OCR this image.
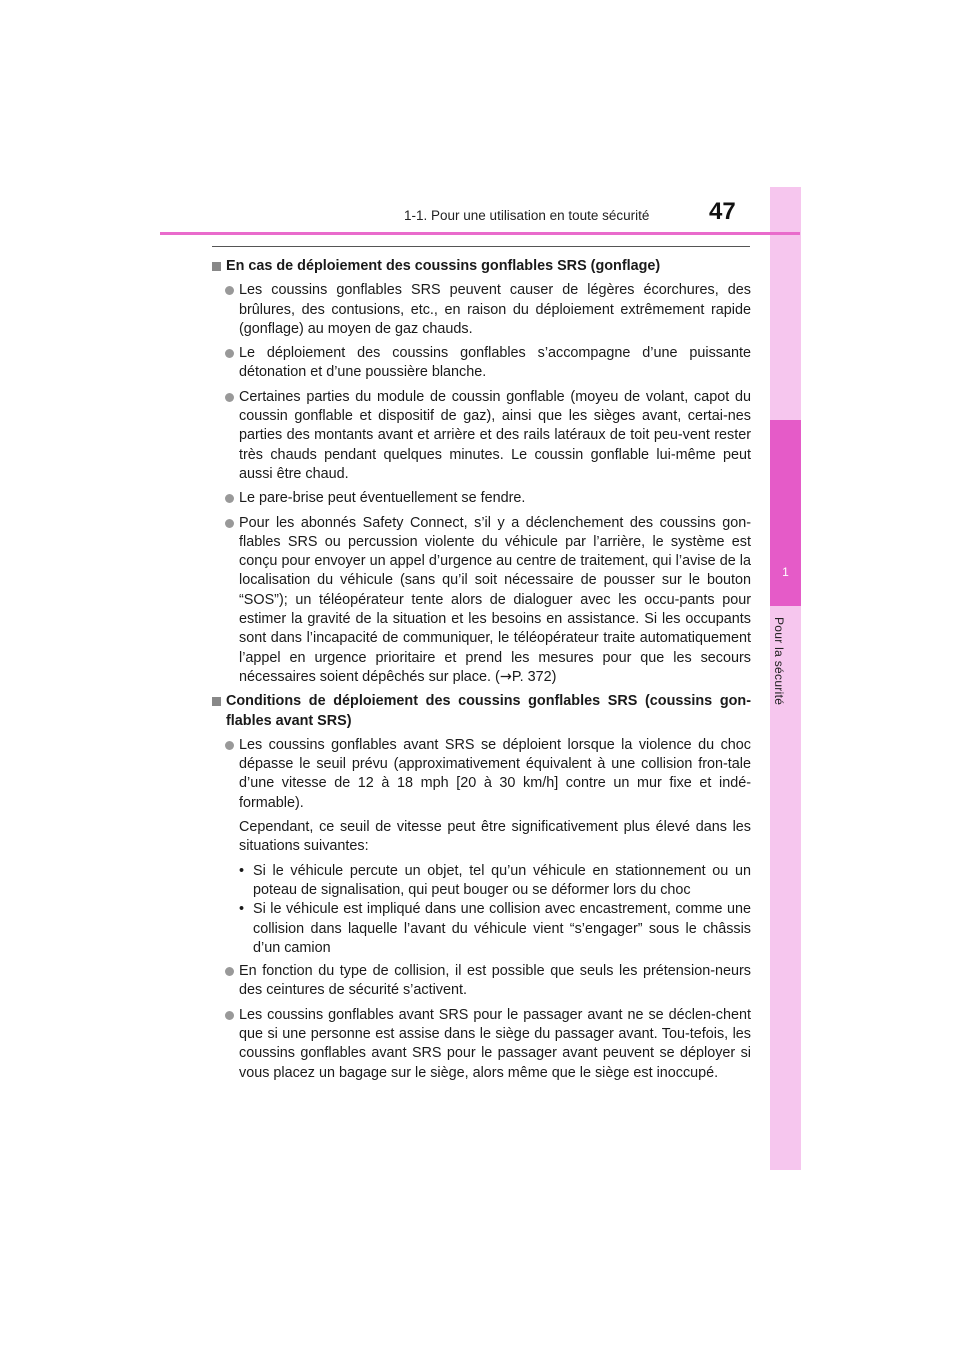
1
Pour la sécurité
1-1. Pour une utilisation en toute sécurité 47
En cas de déploiement des coussins gonflables SRS (gonflage)
Les coussins gonflables SRS peuvent causer de légères écorchures, des brûlures, des contusions, etc., en raison du déploiement extrêmement rapide (gonflage) au moyen de gaz chauds.
Le déploiement des coussins gonflables s’accompagne d’une puissante détonation et d’une poussière blanche.
Certaines parties du module de coussin gonflable (moyeu de volant, capot du coussin gonflable et dispositif de gaz), ainsi que les sièges avant, certai-nes parties des montants avant et arrière et des rails latéraux de toit peu-vent rester très chauds pendant quelques minutes. Le coussin gonflable lui-même peut aussi être chaud.
Le pare-brise peut éventuellement se fendre.
Pour les abonnés Safety Connect, s’il y a déclenchement des coussins gon-flables SRS ou percussion violente du véhicule par l’arrière, le système est conçu pour envoyer un appel d’urgence au centre de traitement, qui l’avise de la localisation du véhicule (sans qu’il soit nécessaire de pousser sur le bouton “SOS”); un téléopérateur tente alors de dialoguer avec les occu-pants pour estimer la gravité de la situation et les besoins en assistance. Si les occupants sont dans l’incapacité de communiquer, le téléopérateur traite automatiquement l’appel en urgence prioritaire et prend les mesures pour que les secours nécessaires soient dépêchés sur place. (→P. 372)
Conditions de déploiement des coussins gonflables SRS (coussins gon-flables avant SRS)
Les coussins gonflables avant SRS se déploient lorsque la violence du choc dépasse le seuil prévu (approximativement équivalent à une collision fron-tale d’une vitesse de 12 à 18 mph [20 à 30 km/h] contre un mur fixe et indé-formable).
Cependant, ce seuil de vitesse peut être significativement plus élevé dans les situations suivantes:
• Si le véhicule percute un objet, tel qu’un véhicule en stationnement ou un poteau de signalisation, qui peut bouger ou se déformer lors du choc
• Si le véhicule est impliqué dans une collision avec encastrement, comme une collision dans laquelle l’avant du véhicule vient “s’engager” sous le châssis d’un camion
En fonction du type de collision, il est possible que seuls les prétension-neurs des ceintures de sécurité s’activent.
Les coussins gonflables avant SRS pour le passager avant ne se déclen-chent que si une personne est assise dans le siège du passager avant. Tou-tefois, les coussins gonflables avant SRS pour le passager avant peuvent se déployer si vous placez un bagage sur le siège, alors même que le siège est inoccupé.
